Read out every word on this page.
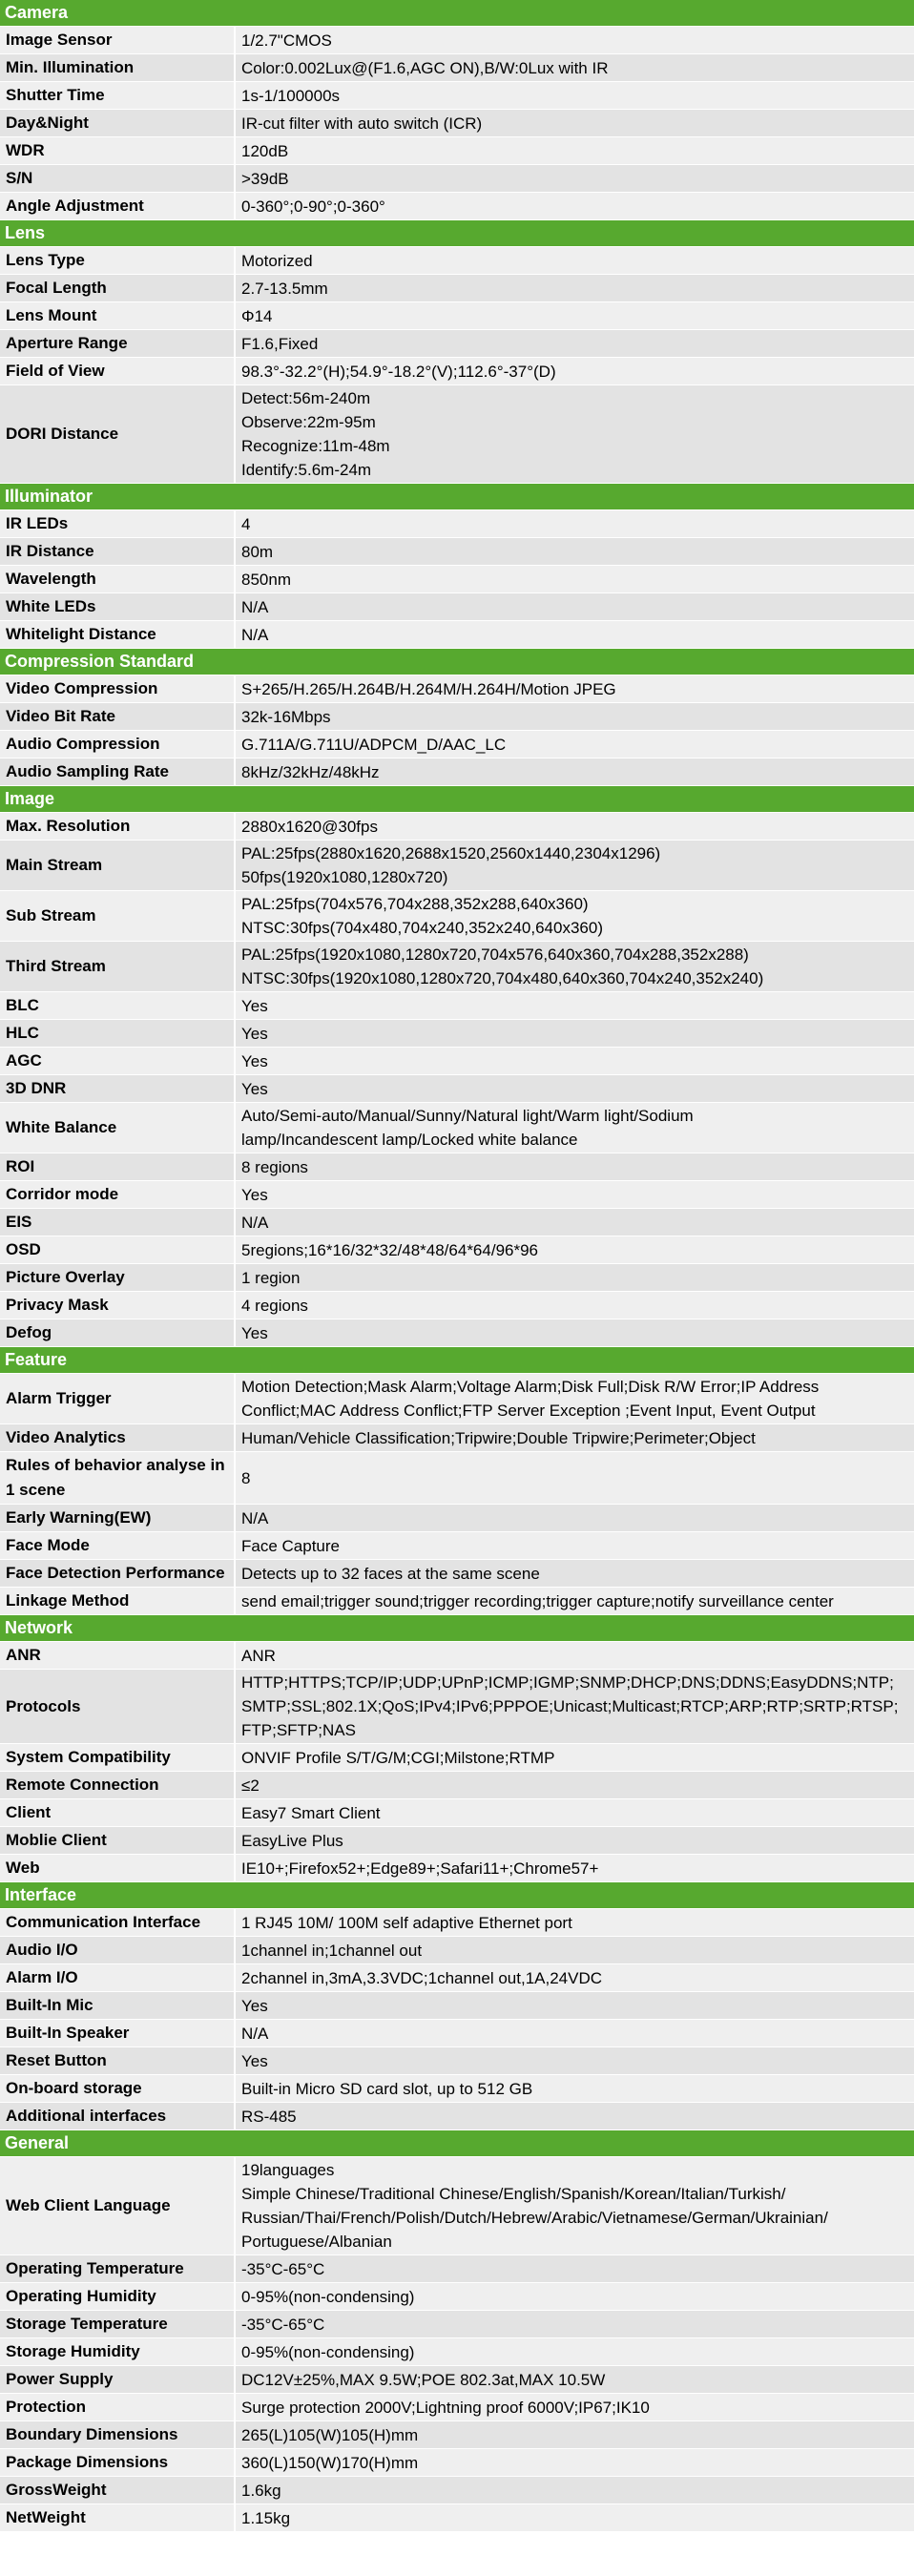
Camera	
Image Sensor	1/2.7"CMOS

Min. Illumination	Color:0.002Lux@(F1.6,AGC ON),B/W:0Lux with IR

Shutter Time	1s-1/100000s

Day&Night	IR-cut filter with auto switch (ICR)

WDR	120dB

S/N	>39dB

Angle Adjustment	0-360°;0-90°;0-360°

Lens	
Lens Type	Motorized

Focal Length	2.7-13.5mm

Lens Mount	Φ14

Aperture Range	F1.6,Fixed

Field of View	98.3°-32.2°(H);54.9°-18.2°(V);112.6°-37°(D)

DORI Distance	Detect:56m-240m
Observe:22m-95m
Recognize:11m-48m
Identify:5.6m-24m

Illuminator	
IR LEDs	4

IR Distance	80m

Wavelength	850nm

White LEDs	N/A

Whitelight Distance	N/A

Compression Standard	
Video Compression	S+265/H.265/H.264B/H.264M/H.264H/Motion JPEG

Video Bit Rate	32k-16Mbps

Audio Compression	G.711A/G.711U/ADPCM_D/AAC_LC

Audio Sampling Rate	8kHz/32kHz/48kHz

Image	
Max. Resolution	2880x1620@30fps

Main Stream	PAL:25fps(2880x1620,2688x1520,2560x1440,2304x1296)
50fps(1920x1080,1280x720)

Sub Stream	PAL:25fps(704x576,704x288,352x288,640x360)
NTSC:30fps(704x480,704x240,352x240,640x360)

Third Stream	PAL:25fps(1920x1080,1280x720,704x576,640x360,704x288,352x288)
NTSC:30fps(1920x1080,1280x720,704x480,640x360,704x240,352x240)

BLC	Yes

HLC	Yes

AGC	Yes

3D DNR	Yes

White Balance	Auto/Semi-auto/Manual/Sunny/Natural light/Warm light/Sodium
lamp/Incandescent lamp/Locked white balance

ROI	8 regions

Corridor mode	Yes

EIS	N/A

OSD	5regions;16*16/32*32/48*48/64*64/96*96

Picture Overlay	1 region

Privacy Mask	4 regions

Defog	Yes

Feature	
Alarm Trigger	Motion Detection;Mask Alarm;Voltage Alarm;Disk Full;Disk R/W Error;IP Address
Conflict;MAC Address Conflict;FTP Server Exception ;Event Input, Event Output

Video Analytics	Human/Vehicle Classification;Tripwire;Double Tripwire;Perimeter;Object

Rules of behavior analyse in 1 scene	8

Early Warning(EW)	N/A

Face Mode	Face Capture

Face Detection Performance	Detects up to 32 faces at the same scene

Linkage Method	send email;trigger sound;trigger recording;trigger capture;notify surveillance center

Network	
ANR	ANR

Protocols	HTTP;HTTPS;TCP/IP;UDP;UPnP;ICMP;IGMP;SNMP;DHCP;DNS;DDNS;EasyDDNS;NTP;
SMTP;SSL;802.1X;QoS;IPv4;IPv6;PPPOE;Unicast;Multicast;RTCP;ARP;RTP;SRTP;RTSP;
FTP;SFTP;NAS

System Compatibility	ONVIF Profile S/T/G/M;CGI;Milstone;RTMP

Remote Connection	≤2

Client	Easy7 Smart Client

Moblie Client	EasyLive Plus

Web	IE10+;Firefox52+;Edge89+;Safari11+;Chrome57+

Interface	
Communication Interface	1 RJ45 10M/ 100M self adaptive Ethernet port

Audio I/O	1channel in;1channel out

Alarm I/O	2channel in,3mA,3.3VDC;1channel out,1A,24VDC

Built-In Mic	Yes

Built-In Speaker	N/A

Reset Button	Yes

On-board storage	Built-in Micro SD card slot, up to 512 GB

Additional interfaces	RS-485

General	
Web Client Language	19languages
Simple Chinese/Traditional Chinese/English/Spanish/Korean/Italian/Turkish/
Russian/Thai/French/Polish/Dutch/Hebrew/Arabic/Vietnamese/German/Ukrainian/
Portuguese/Albanian

Operating Temperature	-35°C-65°C

Operating Humidity	0-95%(non-condensing)

Storage Temperature	-35°C-65°C

Storage Humidity	0-95%(non-condensing)

Power Supply	DC12V±25%,MAX 9.5W;POE 802.3at,MAX 10.5W

Protection	Surge protection 2000V;Lightning proof 6000V;IP67;IK10

Boundary Dimensions	265(L)105(W)105(H)mm

Package Dimensions	360(L)150(W)170(H)mm

GrossWeight	1.6kg

NetWeight	1.15kg
